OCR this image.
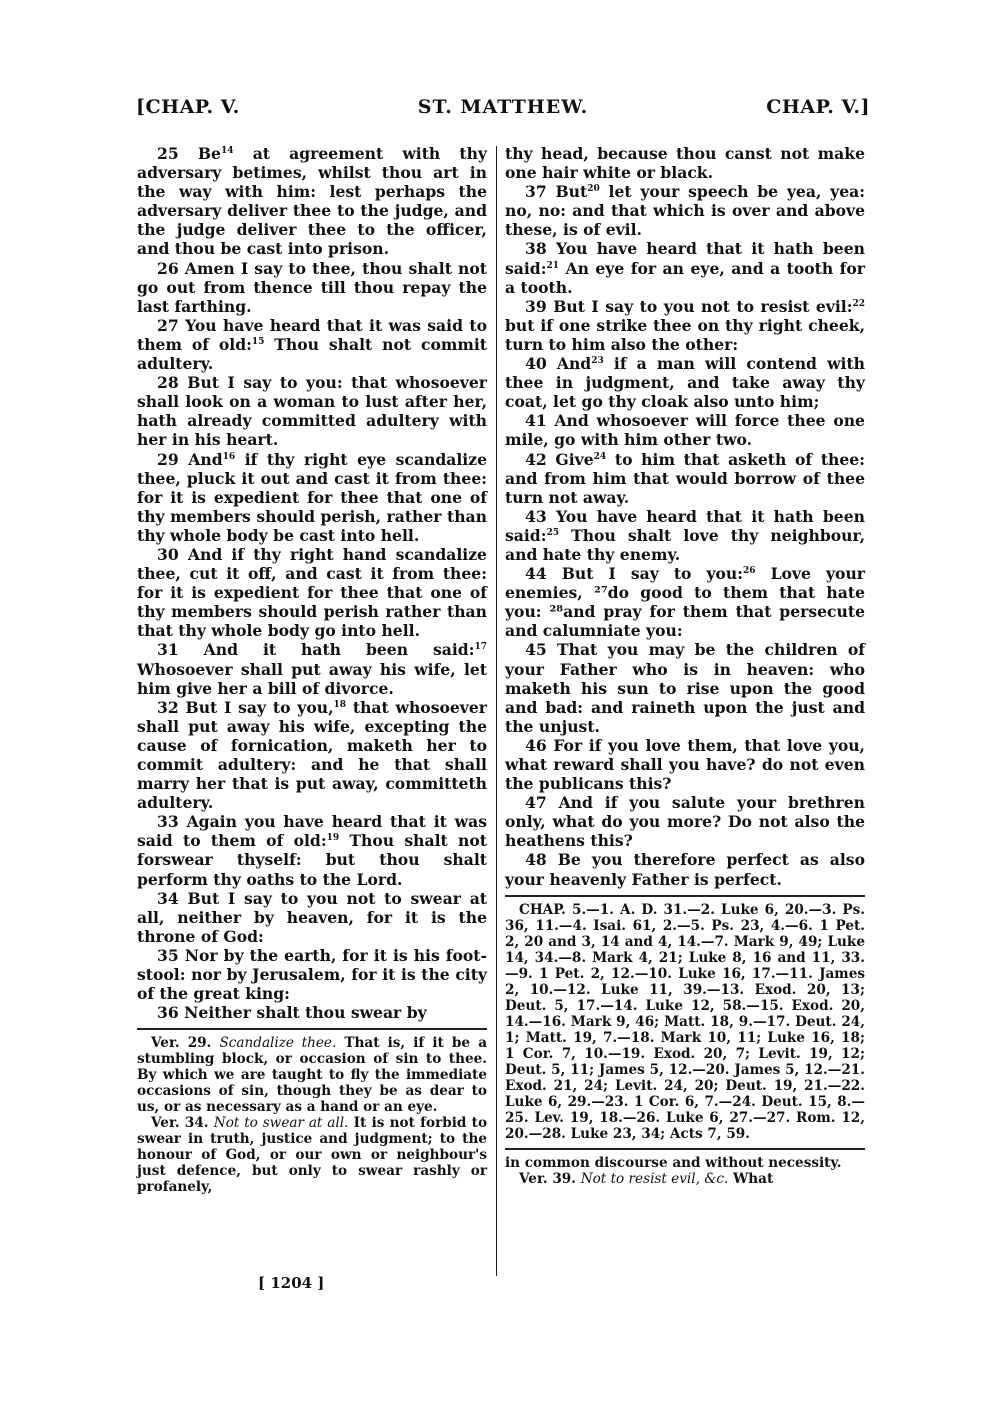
[CHAP. V.	ST. MATTHEW.	CHAP. V.]

25 Be$^{14}$ at agreement with thy adversary betimes, whilst thou art in the way with him: lest perhaps the adversary deliver thee to the judge, and the judge deliver thee to the officer, and thou be cast into prison.

26 Amen I say to thee, thou shalt not go out from thence till thou repay the last farthing.

27 You have heard that it was said to them of old:$^{15}$ Thou shalt not commit adultery.

28 But I say to you: that whosoever shall look on a woman to lust after her, hath already committed adultery with her in his heart.

29 And$^{16}$ if thy right eye scandalize thee, pluck it out and cast it from thee: for it is expedient for thee that one of thy members should perish, rather than thy whole body be cast into hell.

30 And if thy right hand scandalize thee, cut it off, and cast it from thee: for it is expedient for thee that one of thy members should perish rather than that thy whole body go into hell.

31 And it hath been said:$^{17}$ Whosoever shall put away his wife, let him give her a bill of divorce.

32 But I say to you,$^{18}$ that whosoever shall put away his wife, excepting the cause of fornication, maketh her to commit adultery: and he that shall marry her that is put away, committeth adultery.

33 Again you have heard that it was said to them of old:$^{19}$ Thou shalt not forswear thyself: but thou shalt perform thy oaths to the Lord.

34 But I say to you not to swear at all, neither by heaven, for it is the throne of God:

35 Nor by the earth, for it is his foot-stool: nor by Jerusalem, for it is the city of the great king:

36 Neither shalt thou swear by

Ver. 29. Scandalize thee. That is, if it be a stumbling block, or occasion of sin to thee. By which we are taught to fly the immediate occasions of sin, though they be as dear to us, or as necessary as a hand or an eye.

Ver. 34. Not to swear at all. It is not forbid to swear in truth, justice and judgment; to the honour of God, or our own or neighbour's just defence, but only to swear rashly or profanely,

thy head, because thou canst not make one hair white or black.

37 But$^{20}$ let your speech be yea, yea: no, no: and that which is over and above these, is of evil.

38 You have heard that it hath been said:$^{21}$ An eye for an eye, and a tooth for a tooth.

39 But I say to you not to resist evil:$^{22}$ but if one strike thee on thy right cheek, turn to him also the other:

40 And$^{23}$ if a man will contend with thee in judgment, and take away thy coat, let go thy cloak also unto him;

41 And whosoever will force thee one mile, go with him other two.

42 Give$^{24}$ to him that asketh of thee: and from him that would borrow of thee turn not away.

43 You have heard that it hath been said:$^{25}$ Thou shalt love thy neighbour, and hate thy enemy.

44 But I say to you:$^{26}$ Love your enemies, ²⁷do good to them that hate you: ²⁸and pray for them that persecute and calumniate you:

45 That you may be the children of your Father who is in heaven: who maketh his sun to rise upon the good and bad: and raineth upon the just and the unjust.

46 For if you love them, that love you, what reward shall you have? do not even the publicans this?

47 And if you salute your brethren only, what do you more? Do not also the heathens this?

48 Be you therefore perfect as also your heavenly Father is perfect.

CHAP. 5.—1. A. D. 31.—2. Luke 6, 20.—3. Ps. 36, 11.—4. Isai. 61, 2.—5. Ps. 23, 4.—6. 1 Pet. 2, 20 and 3, 14 and 4, 14.—7. Mark 9, 49; Luke 14, 34.—8. Mark 4, 21; Luke 8, 16 and 11, 33.—9. 1 Pet. 2, 12.—10. Luke 16, 17.—11. James 2, 10.—12. Luke 11, 39.—13. Exod. 20, 13; Deut. 5, 17.—14. Luke 12, 58.—15. Exod. 20, 14.—16. Mark 9, 46; Matt. 18, 9.—17. Deut. 24, 1; Matt. 19, 7.—18. Mark 10, 11; Luke 16, 18; 1 Cor. 7, 10.—19. Exod. 20, 7; Levit. 19, 12; Deut. 5, 11; James 5, 12.—20. James 5, 12.—21. Exod. 21, 24; Levit. 24, 20; Deut. 19, 21.—22. Luke 6, 29.—23. 1 Cor. 6, 7.—24. Deut. 15, 8.—25. Lev. 19, 18.—26. Luke 6, 27.—27. Rom. 12, 20.—28. Luke 23, 34; Acts 7, 59.

in common discourse and without necessity.

Ver. 39. Not to resist evil, &c. What

[ 1204 ]
